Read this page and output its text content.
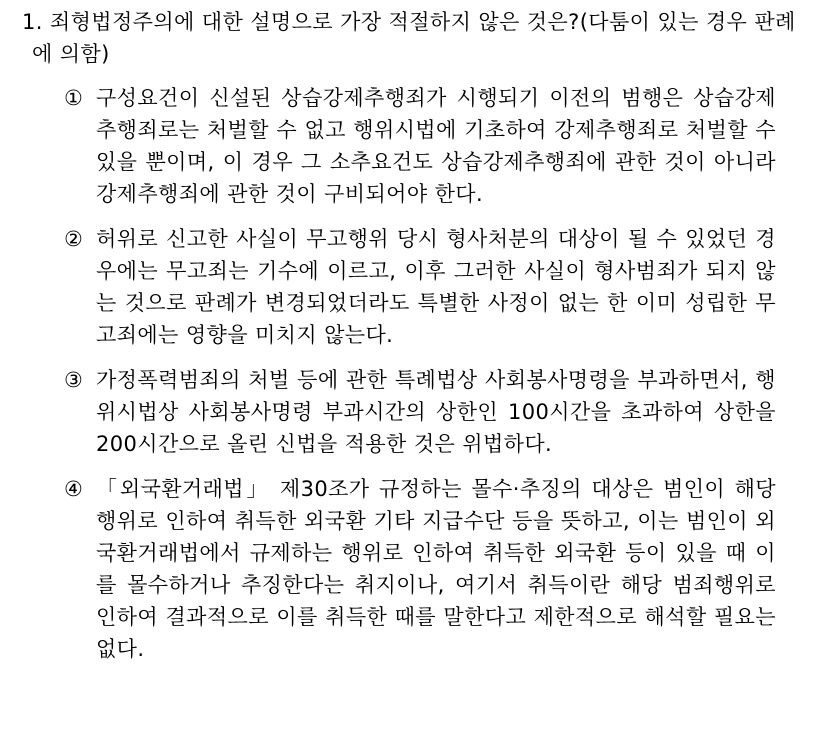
1. 죄형법정주의에 대한 설명으로 가장 적절하지 않은 것은?(다툼이 있는 경우 판례에 의함)
① 구성요건이 신설된 상습강제추행죄가 시행되기 이전의 범행은 상습강제추행죄로는 처벌할 수 없고 행위시법에 기초하여 강제추행죄로 처벌할 수 있을 뿐이며, 이 경우 그 소추요건도 상습강제추행죄에 관한 것이 아니라 강제추행죄에 관한 것이 구비되어야 한다.
② 허위로 신고한 사실이 무고행위 당시 형사처분의 대상이 될 수 있었던 경우에는 무고죄는 기수에 이르고, 이후 그러한 사실이 형사범죄가 되지 않는 것으로 판례가 변경되었더라도 특별한 사정이 없는 한 이미 성립한 무고죄에는 영향을 미치지 않는다.
③ 가정폭력범죄의 처벌 등에 관한 특례법상 사회봉사명령을 부과하면서, 행위시법상 사회봉사명령 부과시간의 상한인 100시간을 초과하여 상한을 200시간으로 올린 신법을 적용한 것은 위법하다.
④ 「외국환거래법」 제30조가 규정하는 몰수·추징의 대상은 범인이 해당 행위로 인하여 취득한 외국환 기타 지급수단 등을 뜻하고, 이는 범인이 외국환거래법에서 규제하는 행위로 인하여 취득한 외국환 등이 있을 때 이를 몰수하거나 추징한다는 취지이나, 여기서 취득이란 해당 범죄행위로 인하여 결과적으로 이를 취득한 때를 말한다고 제한적으로 해석할 필요는 없다.
